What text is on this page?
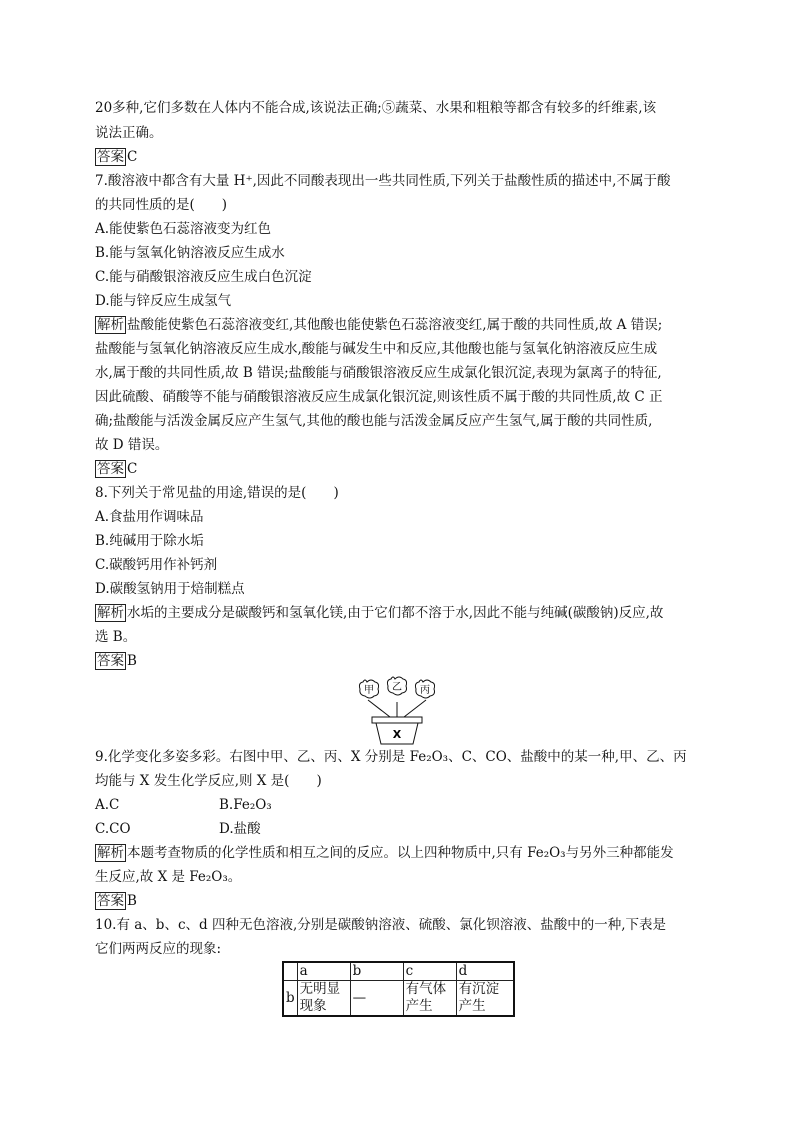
20多种,它们多数在人体内不能合成,该说法正确;⑤蔬菜、水果和粗粮等都含有较多的纤维素,该
说法正确。
答案 C
7.酸溶液中都含有大量 H⁺,因此不同酸表现出一些共同性质,下列关于盐酸性质的描述中,不属于酸
的共同性质的是(　　)
A.能使紫色石蕊溶液变为红色
B.能与氢氧化钠溶液反应生成水
C.能与硝酸银溶液反应生成白色沉淀
D.能与锌反应生成氢气
解析 盐酸能使紫色石蕊溶液变红,其他酸也能使紫色石蕊溶液变红,属于酸的共同性质,故 A 错误;
盐酸能与氢氧化钠溶液反应生成水,酸能与碱发生中和反应,其他酸也能与氢氧化钠溶液反应生成
水,属于酸的共同性质,故 B 错误;盐酸能与硝酸银溶液反应生成氯化银沉淀,表现为氯离子的特征,
因此硫酸、硝酸等不能与硝酸银溶液反应生成氯化银沉淀,则该性质不属于酸的共同性质,故 C 正
确;盐酸能与活泼金属反应产生氢气,其他的酸也能与活泼金属反应产生氢气,属于酸的共同性质,
故 D 错误。
答案 C
8.下列关于常见盐的用途,错误的是(　　)
A.食盐用作调味品
B.纯碱用于除水垢
C.碳酸钙用作补钙剂
D.碳酸氢钠用于焙制糕点
解析 水垢的主要成分是碳酸钙和氢氧化镁,由于它们都不溶于水,因此不能与纯碱(碳酸钠)反应,故
选 B。
答案 B
甲 乙 丙
X
9.化学变化多姿多彩。右图中甲、乙、丙、X 分别是 Fe₂O₃、C、CO、盐酸中的某一种,甲、乙、丙
均能与 X 发生化学反应,则 X 是(　　)
A.C	B.Fe₂O₃
C.CO	D.盐酸
解析 本题考查物质的化学性质和相互之间的反应。以上四种物质中,只有 Fe₂O₃与另外三种都能发
生反应,故 X 是 Fe₂O₃。
答案 B
10.有 a、b、c、d 四种无色溶液,分别是碳酸钠溶液、硫酸、氯化钡溶液、盐酸中的一种,下表是
它们两两反应的现象:
	a	b	c	d
b	无明显现象	—	有气体产生	有沉淀产生
